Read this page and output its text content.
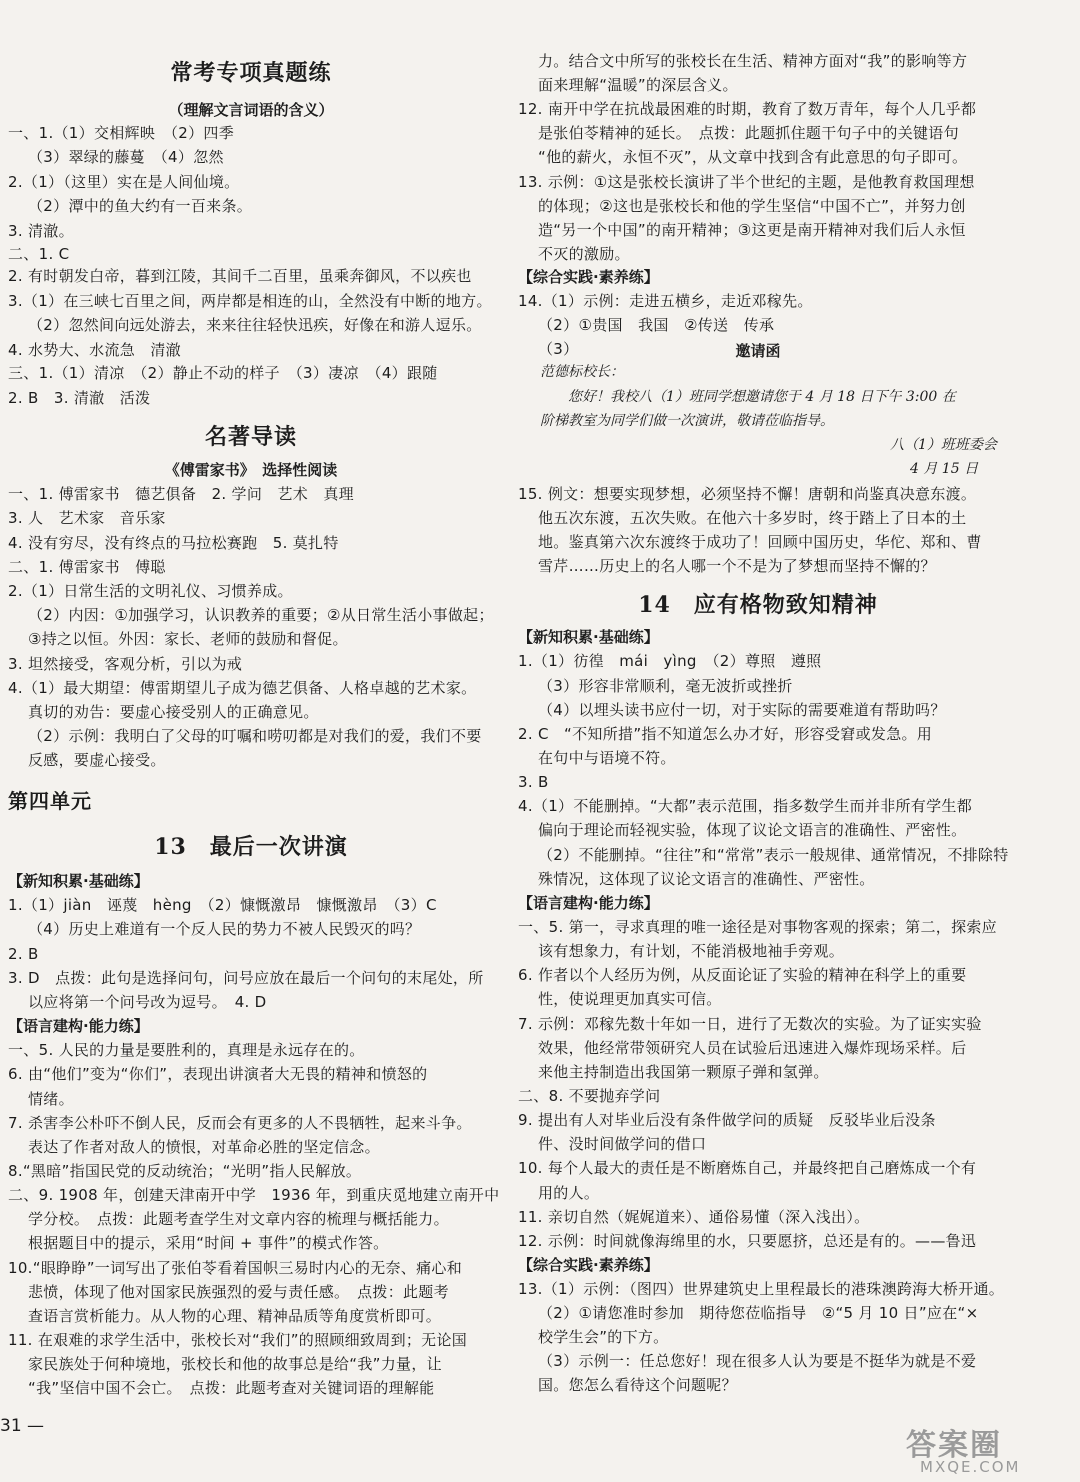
常考专项真题练
（理解文言词语的含义）
一、1.（1）交相辉映　（2）四季
（3）翠绿的藤蔓　（4）忽然
2.（1）（这里）实在是人间仙境。
（2）潭中的鱼大约有一百来条。
3. 清澈。
二、1. C
2. 有时朝发白帝，暮到江陵，其间千二百里，虽乘奔御风，不以疾也
3.（1）在三峡七百里之间，两岸都是相连的山，全然没有中断的地方。
（2）忽然间向远处游去，来来往往轻快迅疾，好像在和游人逗乐。
4. 水势大、水流急　清澈
三、1.（1）清凉　（2）静止不动的样子　（3）凄凉　（4）跟随
2. B　3. 清澈　活泼
名著导读
《傅雷家书》　选择性阅读
一、1. 傅雷家书　德艺俱备　2. 学问　艺术　真理
3. 人　艺术家　音乐家
4. 没有穷尽，没有终点的马拉松赛跑　5. 莫扎特
二、1. 傅雷家书　傅聪
2.（1）日常生活的文明礼仪、习惯养成。
（2）内因：①加强学习，认识教养的重要；②从日常生活小事做起；
③持之以恒。外因：家长、老师的鼓励和督促。
3. 坦然接受，客观分析，引以为戒
4.（1）最大期望：傅雷期望儿子成为德艺俱备、人格卓越的艺术家。
真切的劝告：要虚心接受别人的正确意见。
（2）示例：我明白了父母的叮嘱和唠叨都是对我们的爱，我们不要
反感，要虚心接受。
第四单元
13　最后一次讲演
【新知积累·基础练】
1.（1）jiàn　诬蔑　hèng　（2）慷慨激昂　慷慨激昂　（3）C
（4）历史上难道有一个反人民的势力不被人民毁灭的吗？
2. B
3. D　点拨：此句是选择问句，问号应放在最后一个问句的末尾处，所
以应将第一个问号改为逗号。　4. D
【语言建构·能力练】
一、5. 人民的力量是要胜利的，真理是永远存在的。
6. 由“他们”变为“你们”，表现出讲演者大无畏的精神和愤怒的
情绪。
7. 杀害李公朴吓不倒人民，反而会有更多的人不畏牺牲，起来斗争。
表达了作者对敌人的愤恨，对革命必胜的坚定信念。
8.“黑暗”指国民党的反动统治；“光明”指人民解放。
二、9. 1908 年，创建天津南开中学　1936 年，到重庆觅地建立南开中
学分校。　点拨：此题考查学生对文章内容的梳理与概括能力。
根据题目中的提示，采用“时间 + 事件”的模式作答。
10.“眼睁睁”一词写出了张伯苓看着国帜三易时内心的无奈、痛心和
悲愤，体现了他对国家民族强烈的爱与责任感。　点拨：此题考
查语言赏析能力。从人物的心理、精神品质等角度赏析即可。
11. 在艰难的求学生活中，张校长对“我们”的照顾细致周到；无论国
家民族处于何种境地，张校长和他的故事总是给“我”力量，让
“我”坚信中国不会亡。　点拨：此题考查对关键词语的理解能
力。结合文中所写的张校长在生活、精神方面对“我”的影响等方
面来理解“温暖”的深层含义。
12. 南开中学在抗战最困难的时期，教育了数万青年，每个人几乎都
是张伯苓精神的延长。　点拨：此题抓住题干句子中的关键语句
“他的薪火，永恒不灭”，从文章中找到含有此意思的句子即可。
13. 示例：①这是张校长演讲了半个世纪的主题，是他教育救国理想
的体现；②这也是张校长和他的学生坚信“中国不亡”，并努力创
造“另一个中国”的南开精神；③这更是南开精神对我们后人永恒
不灭的激励。
【综合实践·素养练】
14.（1）示例：走进五横乡，走近邓稼先。
（2）①贵国　我国　②传送　传承
（3）	邀请函
范德标校长：
您好！我校八（1）班同学想邀请您于 4 月 18 日下午 3:00 在
阶梯教室为同学们做一次演讲，敬请莅临指导。
八（1）班班委会
4 月 15 日
15. 例文：想要实现梦想，必须坚持不懈！唐朝和尚鉴真决意东渡。
他五次东渡，五次失败。在他六十多岁时，终于踏上了日本的土
地。鉴真第六次东渡终于成功了！回顾中国历史，华佗、郑和、曹
雪芹……历史上的名人哪一个不是为了梦想而坚持不懈的？
14　应有格物致知精神
【新知积累·基础练】
1.（1）彷徨　mái　yìng　（2）尊照　遵照
（3）形容非常顺利，毫无波折或挫折
（4）以埋头读书应付一切，对于实际的需要难道有帮助吗？
2. C　“不知所措”指不知道怎么办才好，形容受窘或发急。用
在句中与语境不符。
3. B
4.（1）不能删掉。“大都”表示范围，指多数学生而并非所有学生都
偏向于理论而轻视实验，体现了议论文语言的准确性、严密性。
（2）不能删掉。“往往”和“常常”表示一般规律、通常情况，不排除特
殊情况，这体现了议论文语言的准确性、严密性。
【语言建构·能力练】
一、5. 第一，寻求真理的唯一途径是对事物客观的探索；第二，探索应
该有想象力，有计划，不能消极地袖手旁观。
6. 作者以个人经历为例，从反面论证了实验的精神在科学上的重要
性，使说理更加真实可信。
7. 示例：邓稼先数十年如一日，进行了无数次的实验。为了证实实验
效果，他经常带领研究人员在试验后迅速进入爆炸现场采样。后
来他主持制造出我国第一颗原子弹和氢弹。
二、8. 不要抛弃学问
9. 提出有人对毕业后没有条件做学问的质疑　反驳毕业后没条
件、没时间做学问的借口
10. 每个人最大的责任是不断磨炼自己，并最终把自己磨炼成一个有
用的人。
11. 亲切自然（娓娓道来）、通俗易懂（深入浅出）。
12. 示例：时间就像海绵里的水，只要愿挤，总还是有的。——鲁迅
【综合实践·素养练】
13.（1）示例：（图四）世界建筑史上里程最长的港珠澳跨海大桥开通。
（2）①请您准时参加　期待您莅临指导　②“5 月 10 日”应在“×
校学生会”的下方。
（3）示例一：任总您好！现在很多人认为要是不挺华为就是不爱
国。您怎么看待这个问题呢？
31 —
答案圈
MXQE.COM
